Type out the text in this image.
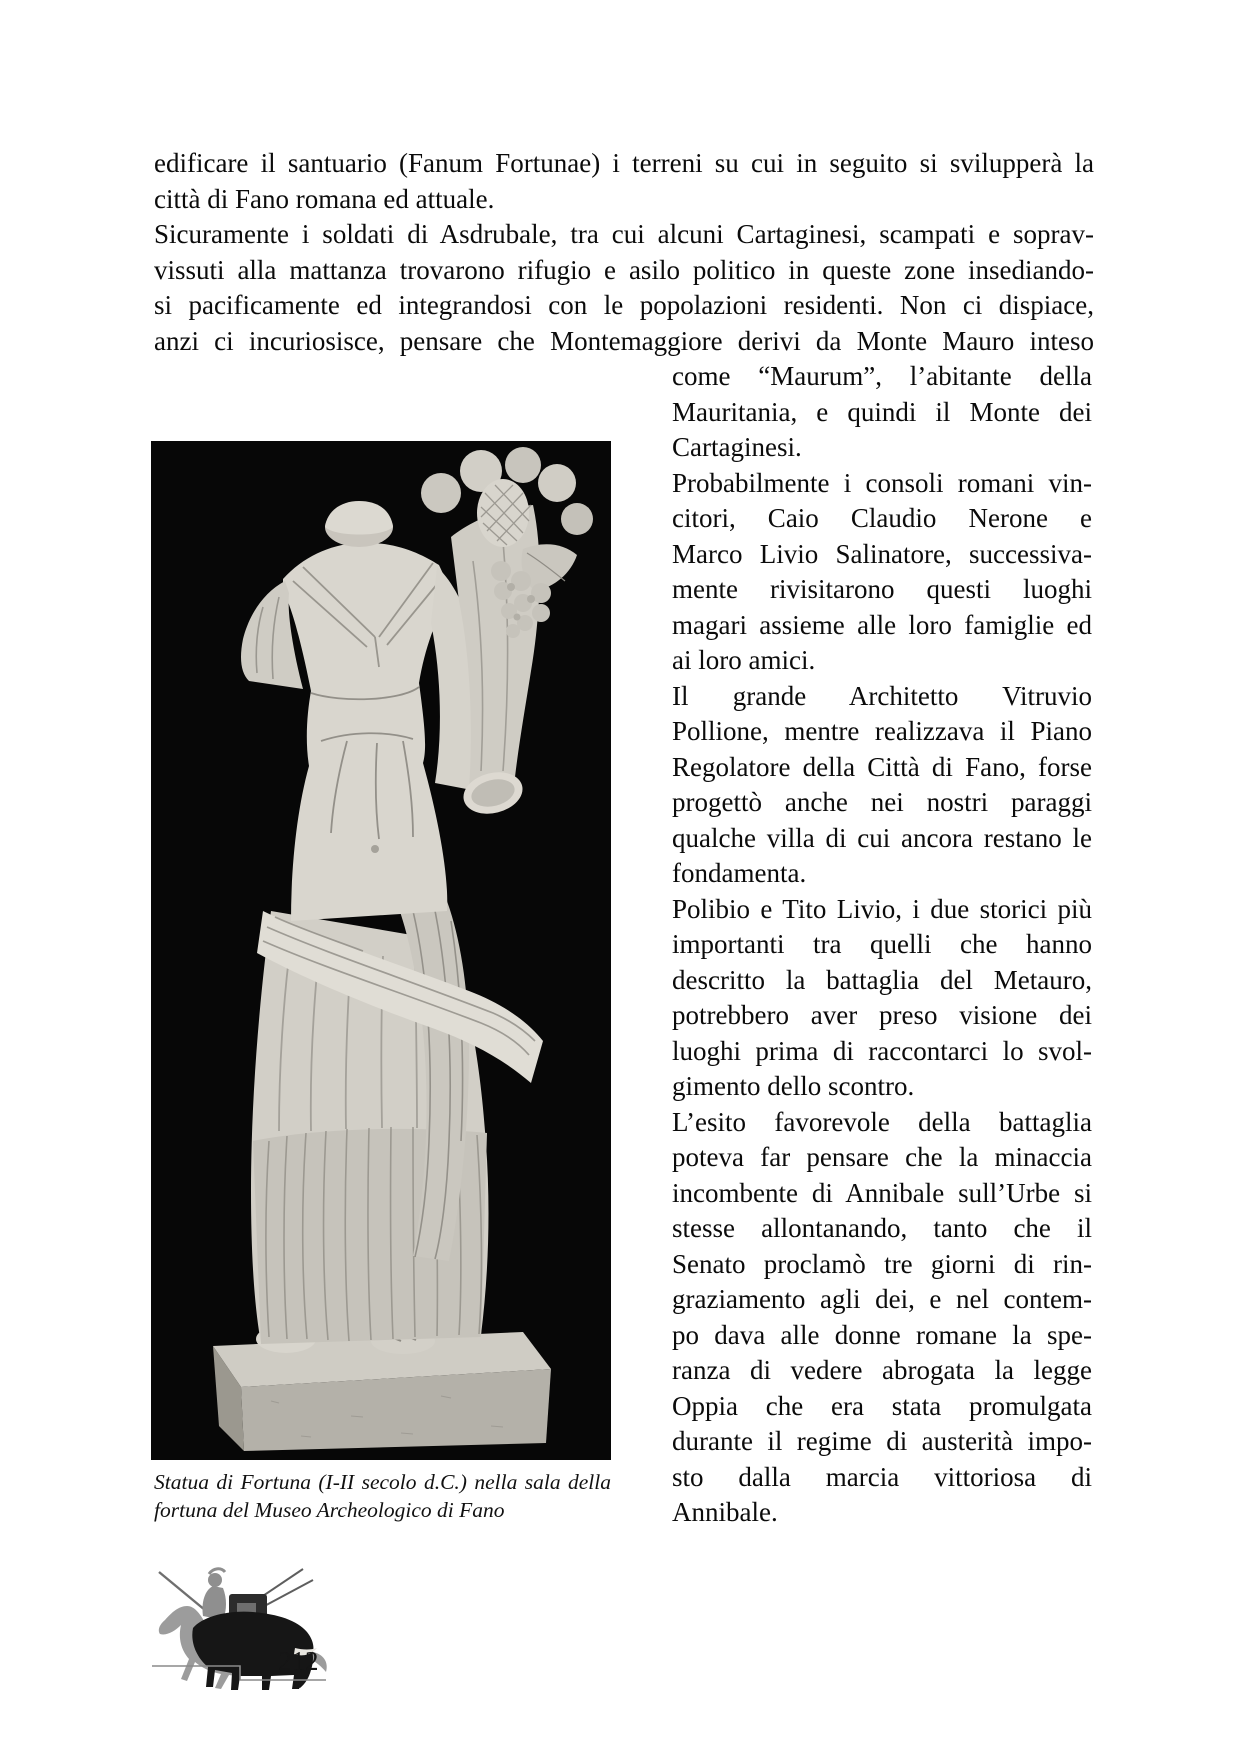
edificare il santuario (Fanum Fortunae) i terreni su cui in seguito si svilupperà la
città di Fano romana ed attuale.
Sicuramente i soldati di Asdrubale, tra cui alcuni Cartaginesi, scampati e soprav-
vissuti alla mattanza trovarono rifugio e asilo politico in queste zone insediando-
si pacificamente ed integrandosi con le popolazioni residenti. Non ci dispiace,
anzi ci incuriosisce, pensare che Montemaggiore derivi da Monte Mauro inteso
come “Maurum”, l’abitante della
Mauritania, e quindi il Monte dei
Cartaginesi.
Probabilmente i consoli romani vin-
citori, Caio Claudio Nerone e
Marco Livio Salinatore, successiva-
mente rivisitarono questi luoghi
magari assieme alle loro famiglie ed
ai loro amici.
Il grande Architetto Vitruvio
Pollione, mentre realizzava il Piano
Regolatore della Città di Fano, forse
progettò anche nei nostri paraggi
qualche villa di cui ancora restano le
fondamenta.
Polibio e Tito Livio, i due storici più
importanti tra quelli che hanno
descritto la battaglia del Metauro,
potrebbero aver preso visione dei
luoghi prima di raccontarci lo svol-
gimento dello scontro.
L’esito favorevole della battaglia
poteva far pensare che la minaccia
incombente di Annibale sull’Urbe si
stesse allontanando, tanto che il
Senato proclamò tre giorni di rin-
graziamento agli dei, e nel contem-
po dava alle donne romane la spe-
ranza di vedere abrogata la legge
Oppia che era stata promulgata
durante il regime di austerità impo-
sto dalla marcia vittoriosa di
Annibale.
Statua di Fortuna (I-II secolo d.C.) nella sala della
fortuna del Museo Archeologico di Fano
212
